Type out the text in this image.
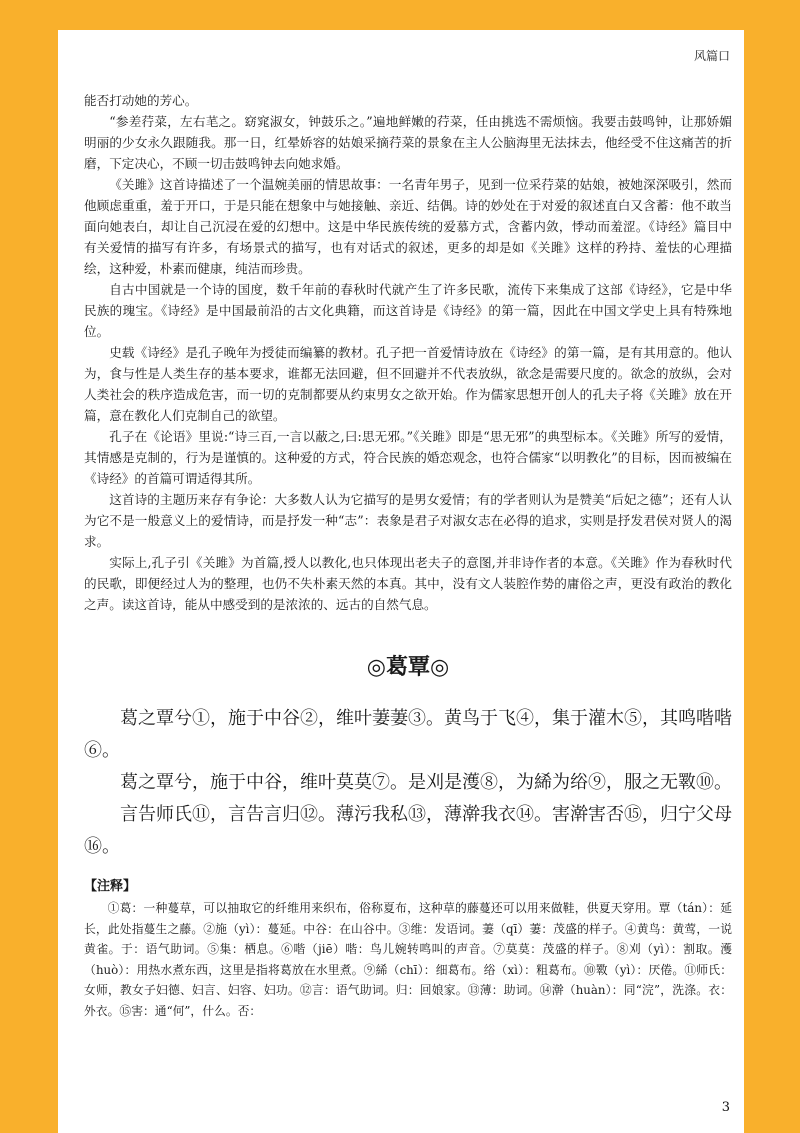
风篇口

能否打动她的芳心。

“参差荇菜，左右芼之。窈窕淑女，钟鼓乐之。”遍地鲜嫩的荇菜，任由挑选不需烦恼。我要击鼓鸣钟，让那娇媚明丽的少女永久跟随我。那一日，红晕娇容的姑娘采摘荇菜的景象在主人公脑海里无法抹去，他经受不住这痛苦的折磨，下定决心，不顾一切击鼓鸣钟去向她求婚。

《关雎》这首诗描述了一个温婉美丽的情思故事：一名青年男子，见到一位采荇菜的姑娘，被她深深吸引，然而他顾虑重重，羞于开口，于是只能在想象中与她接触、亲近、结偶。诗的妙处在于对爱的叙述直白又含蓄：他不敢当面向她表白，却让自己沉浸在爱的幻想中。这是中华民族传统的爱慕方式，含蓄内敛，悸动而羞涩。《诗经》篇目中有关爱情的描写有许多，有场景式的描写，也有对话式的叙述，更多的却是如《关雎》这样的矜持、羞怯的心理描绘，这种爱，朴素而健康，纯洁而珍贵。

自古中国就是一个诗的国度，数千年前的春秋时代就产生了许多民歌，流传下来集成了这部《诗经》，它是中华民族的瑰宝。《诗经》是中国最前沿的古文化典籍，而这首诗是《诗经》的第一篇，因此在中国文学史上具有特殊地位。

史载《诗经》是孔子晚年为授徒而编纂的教材。孔子把一首爱情诗放在《诗经》的第一篇，是有其用意的。他认为，食与性是人类生存的基本要求，谁都无法回避，但不回避并不代表放纵，欲念是需要尺度的。欲念的放纵，会对人类社会的秩序造成危害，而一切的克制都要从约束男女之欲开始。作为儒家思想开创人的孔夫子将《关雎》放在开篇，意在教化人们克制自己的欲望。

孔子在《论语》里说:“诗三百,一言以蔽之,曰:思无邪。”《关雎》即是“思无邪”的典型标本。《关雎》所写的爱情，其情感是克制的，行为是谨慎的。这种爱的方式，符合民族的婚恋观念，也符合儒家“以明教化”的目标，因而被编在《诗经》的首篇可谓适得其所。

这首诗的主题历来存有争论：大多数人认为它描写的是男女爱情；有的学者则认为是赞美“后妃之德”；还有人认为它不是一般意义上的爱情诗，而是抒发一种“志”：表象是君子对淑女志在必得的追求，实则是抒发君侯对贤人的渴求。

实际上,孔子引《关雎》为首篇,授人以教化,也只体现出老夫子的意图,并非诗作者的本意。《关雎》作为春秋时代的民歌，即便经过人为的整理，也仍不失朴素天然的本真。其中，没有文人装腔作势的庸俗之声，更没有政治的教化之声。读这首诗，能从中感受到的是浓浓的、远古的自然气息。

◎葛覃◎

葛之覃兮①，施于中谷②，维叶萋萋③。黄鸟于飞④，集于灌木⑤，其鸣喈喈⑥。

葛之覃兮，施于中谷，维叶莫莫⑦。是刈是濩⑧，为絺为绤⑨，服之无斁⑩。

言告师氏⑪，言告言归⑫。薄污我私⑬，薄澣我衣⑭。害澣害否⑮，归宁父母⑯。

【注释】

①葛：一种蔓草，可以抽取它的纤维用来织布，俗称夏布，这种草的藤蔓还可以用来做鞋，供夏天穿用。覃（tán）：延长，此处指蔓生之藤。②施（yì）：蔓延。中谷：在山谷中。③维：发语词。萋（qī）萋：茂盛的样子。④黄鸟：黄莺，一说黄雀。于：语气助词。⑤集：栖息。⑥喈（jiē）喈：鸟儿婉转鸣叫的声音。⑦莫莫：茂盛的样子。⑧刈（yì）：割取。濩（huò）：用热水煮东西，这里是指将葛放在水里煮。⑨絺（chī）：细葛布。绤（xì）：粗葛布。⑩斁（yì）：厌倦。⑪师氏：女师，教女子妇德、妇言、妇容、妇功。⑫言：语气助词。归：回娘家。⑬薄：助词。⑭澣（huàn）：同“浣”，洗涤。衣：外衣。⑮害：通“何”，什么。否：

3
